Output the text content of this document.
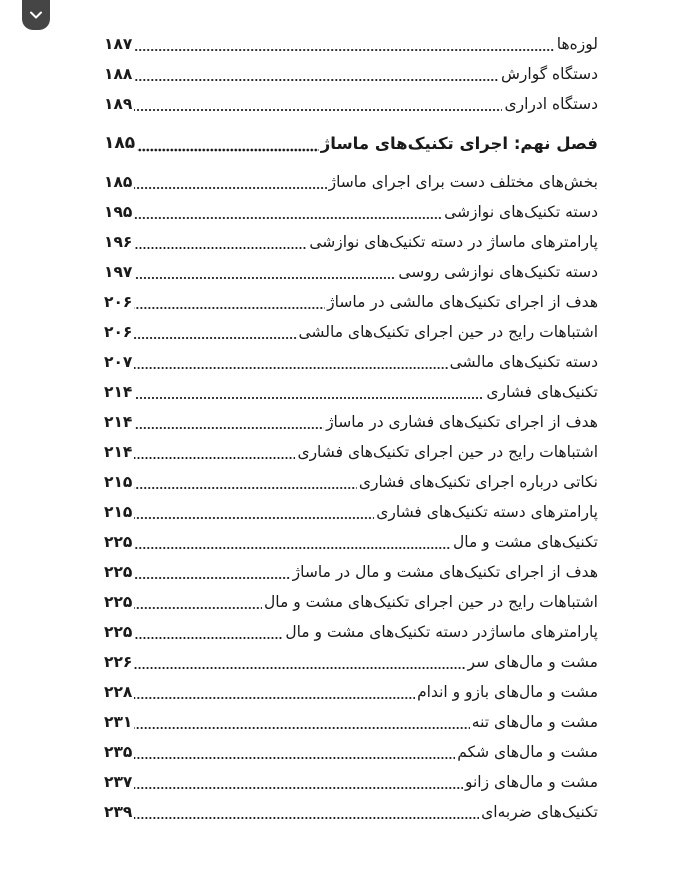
لوزه‌ها
۱۸۷
دستگاه گوارش
۱۸۸
دستگاه ادراری
۱۸۹
فصل نهم: اجرای تکنیک‌های ماساژ
۱۸۵
بخش‌های مختلف دست برای اجرای ماساژ
۱۸۵
دسته تکنیک‌های نوازشی
۱۹۵
پارامترهای ماساژ در دسته تکنیک‌های نوازشی
۱۹۶
دسته تکنیک‌های نوازشی روسی
۱۹۷
هدف از اجرای تکنیک‌های مالشی در ماساژ
۲۰۶
اشتباهات رایج در حین اجرای تکنیک‌های مالشی
۲۰۶
دسته تکنیک‌های مالشی
۲۰۷
تکنیک‌های فشاری
۲۱۴
هدف از اجرای تکنیک‌های فشاری در ماساژ
۲۱۴
اشتباهات رایج در حین اجرای تکنیک‌های فشاری
۲۱۴
نکاتی درباره اجرای تکنیک‌های فشاری
۲۱۵
پارامترهای دسته تکنیک‌های فشاری
۲۱۵
تکنیک‌های مشت و مال
۲۲۵
هدف از اجرای تکنیک‌های مشت و مال در ماساژ
۲۲۵
اشتباهات رایج در حین اجرای تکنیک‌های مشت و مال
۲۲۵
پارامترهای ماساژدر دسته تکنیک‌های مشت و مال
۲۲۵
مشت و مال‌های سر
۲۲۶
مشت و مال‌های بازو و اندام
۲۲۸
مشت و مال‌های تنه
۲۳۱
مشت و مال‌های شکم
۲۳۵
مشت و مال‌های زانو
۲۳۷
تکنیک‌های ضربه‌ای
۲۳۹
